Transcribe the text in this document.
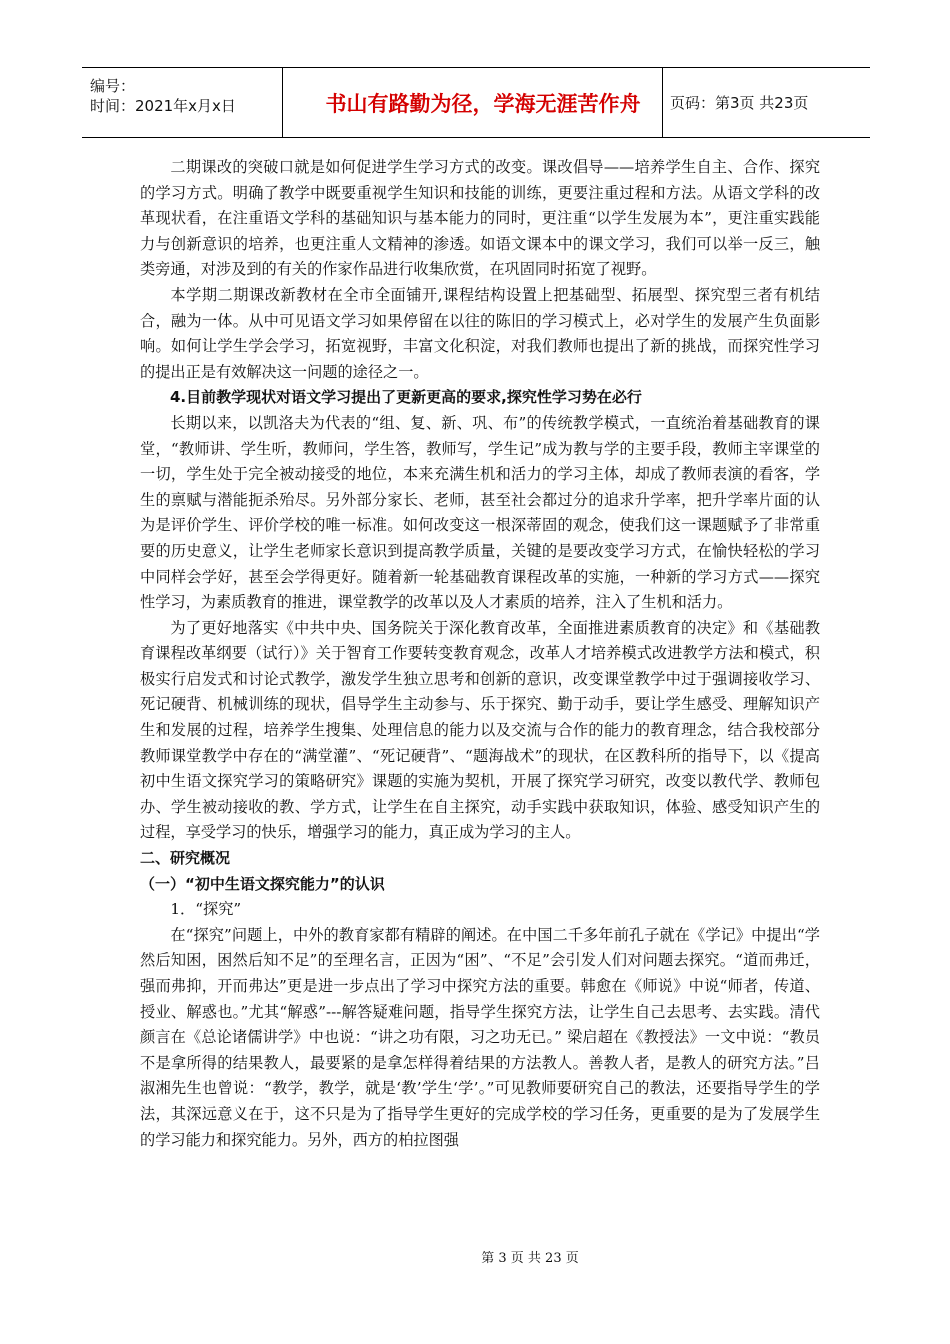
编号：
时间：2021年x月x日	书山有路勤为径，学海无涯苦作舟	页码：第3页 共23页

二期课改的突破口就是如何促进学生学习方式的改变。课改倡导——培养学生自主、合作、探究的学习方式。明确了教学中既要重视学生知识和技能的训练，更要注重过程和方法。从语文学科的改革现状看，在注重语文学科的基础知识与基本能力的同时，更注重“以学生发展为本”，更注重实践能力与创新意识的培养，也更注重人文精神的渗透。如语文课本中的课文学习，我们可以举一反三，触类旁通，对涉及到的有关的作家作品进行收集欣赏，在巩固同时拓宽了视野。

本学期二期课改新教材在全市全面铺开,课程结构设置上把基础型、拓展型、探究型三者有机结合，融为一体。从中可见语文学习如果停留在以往的陈旧的学习模式上，必对学生的发展产生负面影响。如何让学生学会学习，拓宽视野，丰富文化积淀，对我们教师也提出了新的挑战，而探究性学习的提出正是有效解决这一问题的途径之一。

4.目前教学现状对语文学习提出了更新更高的要求,探究性学习势在必行

长期以来，以凯洛夫为代表的“组、复、新、巩、布”的传统教学模式，一直统治着基础教育的课堂，“教师讲、学生听，教师问，学生答，教师写，学生记”成为教与学的主要手段，教师主宰课堂的一切，学生处于完全被动接受的地位，本来充满生机和活力的学习主体，却成了教师表演的看客，学生的禀赋与潜能扼杀殆尽。另外部分家长、老师，甚至社会都过分的追求升学率，把升学率片面的认为是评价学生、评价学校的唯一标准。如何改变这一根深蒂固的观念，使我们这一课题赋予了非常重要的历史意义，让学生老师家长意识到提高教学质量，关键的是要改变学习方式，在愉快轻松的学习中同样会学好，甚至会学得更好。随着新一轮基础教育课程改革的实施，一种新的学习方式——探究性学习，为素质教育的推进，课堂教学的改革以及人才素质的培养，注入了生机和活力。

为了更好地落实《中共中央、国务院关于深化教育改革，全面推进素质教育的决定》和《基础教育课程改革纲要（试行）》关于智育工作要转变教育观念，改革人才培养模式改进教学方法和模式，积极实行启发式和讨论式教学，激发学生独立思考和创新的意识，改变课堂教学中过于强调接收学习、死记硬背、机械训练的现状，倡导学生主动参与、乐于探究、勤于动手，要让学生感受、理解知识产生和发展的过程，培养学生搜集、处理信息的能力以及交流与合作的能力的教育理念，结合我校部分教师课堂教学中存在的“满堂灌”、“死记硬背”、“题海战术”的现状，在区教科所的指导下，以《提高初中生语文探究学习的策略研究》课题的实施为契机，开展了探究学习研究，改变以教代学、教师包办、学生被动接收的教、学方式，让学生在自主探究，动手实践中获取知识，体验、感受知识产生的过程，享受学习的快乐，增强学习的能力，真正成为学习的主人。

二、研究概况

（一）“初中生语文探究能力”的认识

1．“探究”

在“探究”问题上，中外的教育家都有精辟的阐述。在中国二千多年前孔子就在《学记》中提出“学然后知困，困然后知不足”的至理名言，正因为“困”、“不足”会引发人们对问题去探究。“道而弗迁，强而弗抑，开而弗达”更是进一步点出了学习中探究方法的重要。韩愈在《师说》中说“师者，传道、授业、解惑也。”尤其“解惑”---解答疑难问题，指导学生探究方法，让学生自己去思考、去实践。清代颜言在《总论诸儒讲学》中也说：“讲之功有限，习之功无已。” 梁启超在《教授法》一文中说：“教员不是拿所得的结果教人，最要紧的是拿怎样得着结果的方法教人。善教人者，是教人的研究方法。”吕淑湘先生也曾说：“教学，教学，就是‘教’学生‘学’。”可见教师要研究自己的教法，还要指导学生的学法，其深远意义在于，这不只是为了指导学生更好的完成学校的学习任务，更重要的是为了发展学生的学习能力和探究能力。另外，西方的柏拉图强

第 3 页 共 23 页
